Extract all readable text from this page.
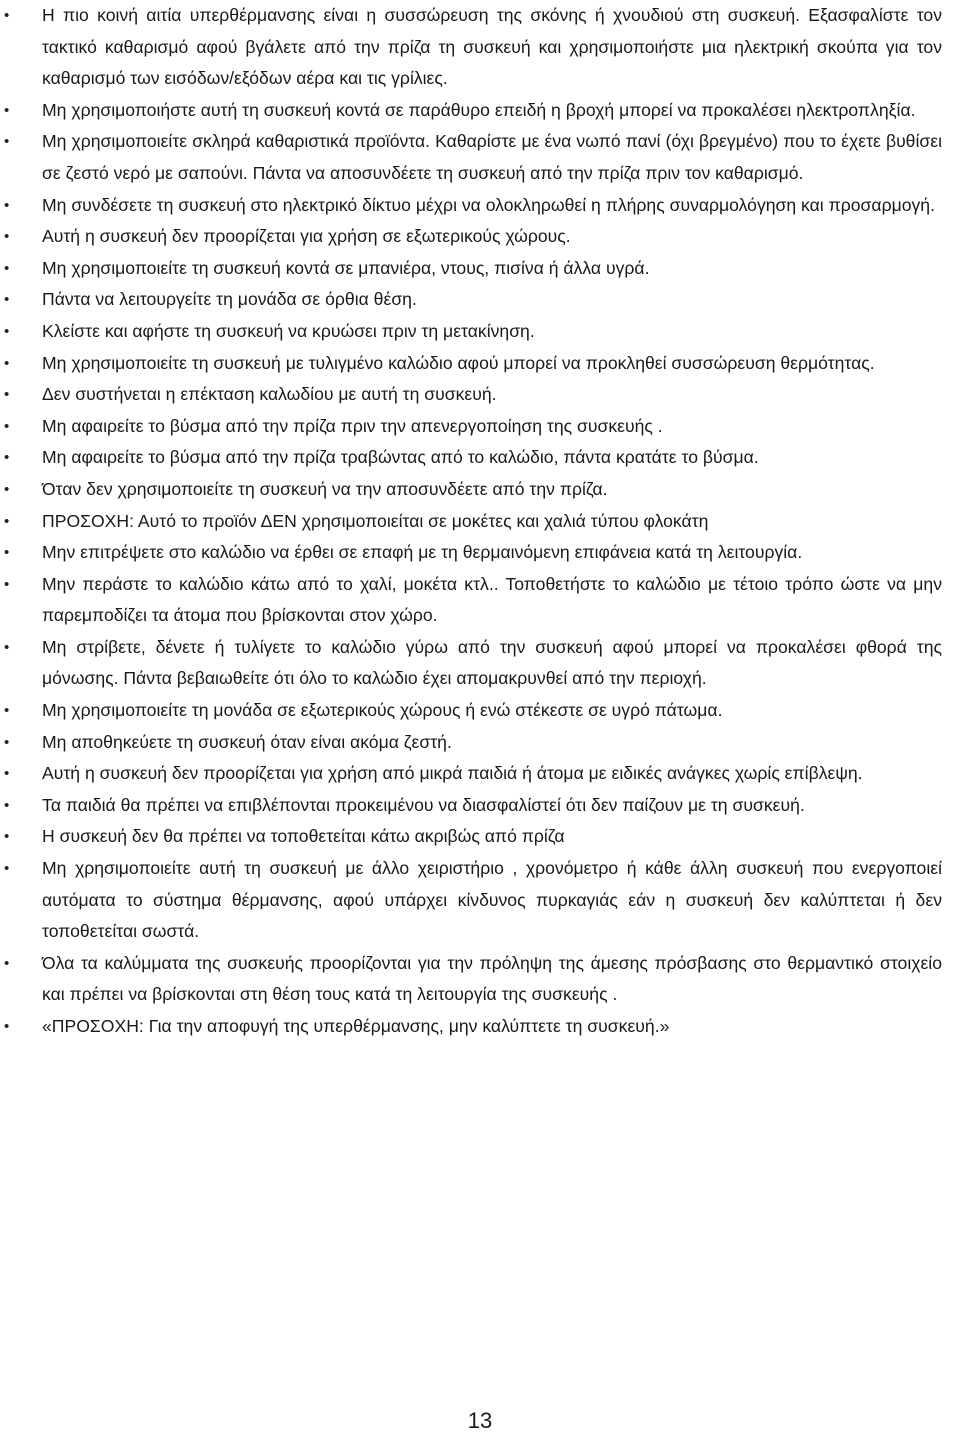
• Η πιο κοινή αιτία υπερθέρμανσης είναι η συσσώρευση της σκόνης ή χνουδιού στη συσκευή. Εξασφαλίστε τον τακτικό καθαρισμό αφού βγάλετε από την πρίζα τη συσκευή και χρησιμοποιήστε μια ηλεκτρική σκούπα για τον καθαρισμό των εισόδων/εξόδων αέρα και τις γρίλιες.
• Μη χρησιμοποιήστε αυτή τη συσκευή κοντά σε παράθυρο επειδή η βροχή μπορεί να προκαλέσει ηλεκτροπληξία.
• Μη χρησιμοποιείτε σκληρά καθαριστικά προϊόντα. Καθαρίστε με ένα νωπό πανί (όχι βρεγμένο) που το έχετε βυθίσει σε ζεστό νερό με σαπούνι. Πάντα να αποσυνδέετε τη συσκευή από την πρίζα πριν τον καθαρισμό.
• Μη συνδέσετε τη συσκευή στο ηλεκτρικό δίκτυο μέχρι να ολοκληρωθεί η πλήρης συναρμολόγηση και προσαρμογή.
• Αυτή η συσκευή δεν προορίζεται για χρήση σε εξωτερικούς χώρους.
• Μη χρησιμοποιείτε τη συσκευή κοντά σε μπανιέρα, ντους, πισίνα ή άλλα υγρά.
• Πάντα να λειτουργείτε τη μονάδα σε όρθια θέση.
• Κλείστε και αφήστε τη συσκευή να κρυώσει πριν τη μετακίνηση.
• Μη χρησιμοποιείτε τη συσκευή με τυλιγμένο καλώδιο αφού μπορεί να προκληθεί συσσώρευση θερμότητας.
• Δεν συστήνεται η επέκταση καλωδίου με αυτή τη συσκευή.
• Μη αφαιρείτε το βύσμα από την πρίζα πριν την απενεργοποίηση της συσκευής .
• Μη αφαιρείτε το βύσμα από την πρίζα τραβώντας από το καλώδιο, πάντα κρατάτε το βύσμα.
• Όταν δεν χρησιμοποιείτε τη συσκευή να την αποσυνδέετε από την πρίζα.
• ΠΡΟΣΟΧΗ: Αυτό το προϊόν ΔΕΝ χρησιμοποιείται σε μοκέτες και χαλιά τύπου φλοκάτη
• Μην επιτρέψετε στο καλώδιο να έρθει σε επαφή με τη θερμαινόμενη επιφάνεια κατά τη λειτουργία.
• Μην περάστε το καλώδιο κάτω από το χαλί, μοκέτα κτλ.. Τοποθετήστε το καλώδιο με τέτοιο τρόπο ώστε να μην παρεμποδίζει τα άτομα που βρίσκονται στον χώρο.
• Μη στρίβετε, δένετε ή τυλίγετε το καλώδιο γύρω από την συσκευή αφού μπορεί να προκαλέσει φθορά της μόνωσης. Πάντα βεβαιωθείτε ότι όλο το καλώδιο έχει απομακρυνθεί από την περιοχή.
• Μη χρησιμοποιείτε τη μονάδα σε εξωτερικούς χώρους ή ενώ στέκεστε σε υγρό πάτωμα.
• Μη αποθηκεύετε τη συσκευή όταν είναι ακόμα ζεστή.
• Αυτή η συσκευή δεν προορίζεται για χρήση από μικρά παιδιά ή άτομα με ειδικές ανάγκες χωρίς επίβλεψη.
• Τα παιδιά θα πρέπει να επιβλέπονται προκειμένου να διασφαλίστεί ότι δεν παίζουν με τη συσκευή.
• Η συσκευή δεν θα πρέπει να τοποθετείται κάτω ακριβώς από πρίζα
• Μη χρησιμοποιείτε αυτή τη συσκευή με άλλο χειριστήριο , χρονόμετρο ή κάθε άλλη συσκευή που ενεργοποιεί αυτόματα το σύστημα θέρμανσης, αφού υπάρχει κίνδυνος πυρκαγιάς εάν η συσκευή δεν καλύπτεται ή δεν τοποθετείται σωστά.
• Όλα τα καλύμματα της συσκευής προορίζονται για την πρόληψη της άμεσης πρόσβασης στο θερμαντικό στοιχείο και πρέπει να βρίσκονται στη θέση τους κατά τη λειτουργία της συσκευής .
• «ΠΡΟΣΟΧΗ: Για την αποφυγή της υπερθέρμανσης, μην καλύπτετε τη συσκευή.»
13
